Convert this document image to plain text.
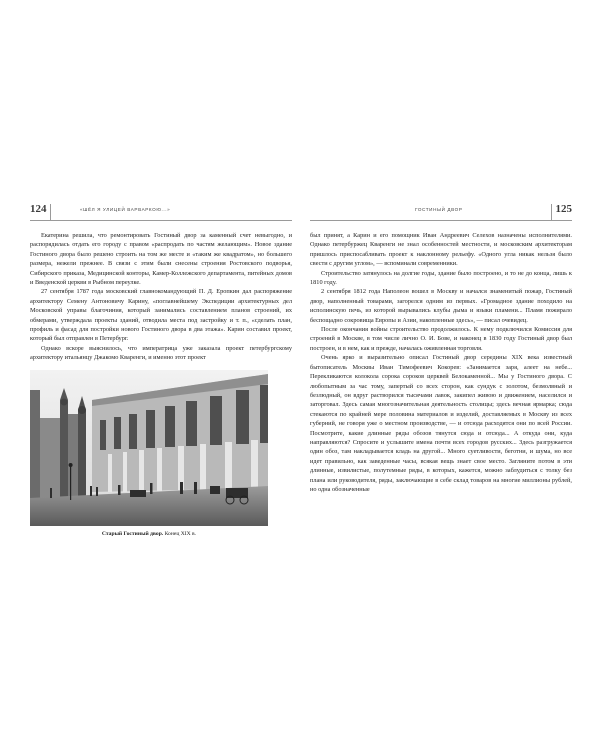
124	«ШЁЛ Я УЛИЦЕЙ ВАРВАРКОЮ...»

Екатерина решила, что ремонтировать Гостиный двор за каменный счет невыгодно, и распорядилась отдать его городу с правом «распродать по частям желающим». Новое здание Гостиного двора было решено строить на том же месте и «таким же квадратом», но большего размера, нежели прежнее. В связи с этим были снесены строения Ростовского подворья, Сибирского приказа, Медицинской конторы, Камер-Коллежского департамента, питейных домов и Введенской церкви в Рыбном переулке.

27 сентября 1787 года московский главнокомандующий П. Д. Еропкин дал распоряжение архитектору Семену Антоновичу Карину, «поглавнейшему Экспедиции архитектурных дел Московской управы благочиния, который занимались составлением планов строений, их обмерами, утверждала проекты зданий, отводила места под застройку и т. п., «сделать план, профиль и фасад для постройки нового Гостиного двора в два этажа». Карин составил проект, который был отправлен в Петербург.

Однако вскоре выяснилось, что императрица уже заказала проект петербургскому архитектору итальянцу Джакомо Кваренги, и именно этот проект

Старый Гостиный двор. Конец XIX в.
ГОСТИНЫЙ ДВОР	125

был принят, а Карин и его помощник Иван Андреевич Селехов назначены исполнителями. Однако петербуржец Кваренги не знал особенностей местности, и московским архитекторам пришлось приспосабливать проект к наклонному рельефу. «Одного угла никак нельзя было свести с другим углом», — вспоминали современники.

Строительство затянулось на долгие годы, здание было построено, и то не до конца, лишь к 1810 году.

2 сентября 1812 года Наполеон вошел в Москву и начался знаменитый пожар, Гостиный двор, наполненный товарами, загорелся одним из первых. «Громадное здание походило на исполинскую печь, из которой вырывались клубы дыма и языки пламени... Пламя пожирало беспощадно сокровища Европы и Азии, накопленные здесь», — писал очевидец.

После окончания войны строительство продолжилось. К нему подключился Комиссия для строений в Москве, в том числе лично О. И. Бове, и наконец в 1830 году Гостиный двор был построен, и в нем, как и прежде, началась оживленная торговля.

Очень ярко и выразительно описал Гостиный двор середины XIX века известный бытописатель Москвы Иван Тимофеевич Кокорев: «Занимается заря, алеет на небе... Перекликаются колокола сорока сороков церквей Белокаменной... Мы у Гостиного двора. С любопытным за час тому, запертый со всех сторон, как сундук с золотом, безмолвный и безлюдный, он вдруг растворился тысячами лавок, закипел живою и движением, населился и заторговал. Здесь самая многозначительная деятельность столицы; здесь вечная ярмарка; сюда стекаются по крайней мере половина материалов и изделий, доставляемых в Москву из всех губерний, не говоря уже о местном производстве, — и отсюда расходятся они по всей России. Посмотрите, какие длинные ряды обозов тянутся сюда и отсюда... А откуда они, куда направляются? Спросите и услышите имена почти всех городов русских... Здесь разгружается один обоз, там накладывается кладь на другой... Много суетливости, беготни, и шума, но все идет правильно, как заведенные часы, всякая вещь знает свое место. Загляните потом в эти длинные, извилистые, полутемные ряды, в которых, кажется, можно заблудиться с толку без плана или руководителя, ряды, заключающие в себе склад товаров на многие миллионы рублей, но одна обозначенные
